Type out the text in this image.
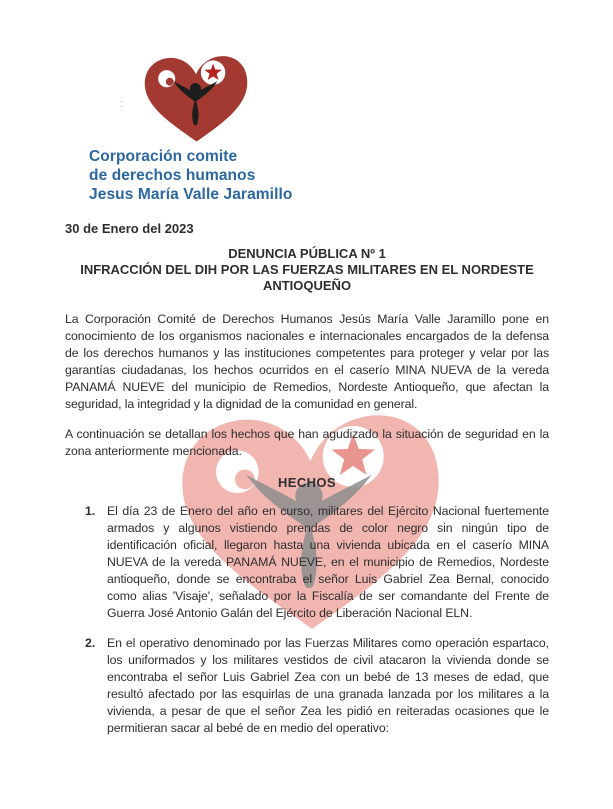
:
Corporación comite
de derechos humanos
Jesus María Valle Jaramillo
30 de Enero del 2023
DENUNCIA PÚBLICA Nº 1
INFRACCIÓN DEL DIH POR LAS FUERZAS MILITARES EN EL NORDESTE
ANTIOQUEÑO

La Corporación Comité de Derechos Humanos Jesús María Valle Jaramillo pone en conocimiento de los organismos nacionales e internacionales encargados de la defensa de los derechos humanos y las instituciones competentes para proteger y velar por las garantías ciudadanas, los hechos ocurridos en el caserío MINA NUEVA de la vereda PANAMÁ NUEVE del municipio de Remedios, Nordeste Antioqueño, que afectan la seguridad, la integridad y la dignidad de la comunidad en general.

A continuación se detallan los hechos que han agudizado la situación de seguridad en la zona anteriormente mencionada.

HECHOS
1. El día 23 de Enero del año en curso, militares del Ejército Nacional fuertemente armados y algunos vistiendo prendas de color negro sin ningún tipo de identificación oficial, llegaron hasta una vivienda ubicada en el caserío MINA NUEVA de la vereda PANAMÁ NUEVE, en el municipio de Remedios, Nordeste antioqueño, donde se encontraba el señor Luis Gabriel Zea Bernal, conocido como alias 'Visaje', señalado por la Fiscalía de ser comandante del Frente de Guerra José Antonio Galán del Ejército de Liberación Nacional ELN.
2. En el operativo denominado por las Fuerzas Militares como operación espartaco, los uniformados y los militares vestidos de civil atacaron la vivienda donde se encontraba el señor Luis Gabriel Zea con un bebé de 13 meses de edad, que resultó afectado por las esquirlas de una granada lanzada por los militares a la vivienda, a pesar de que el señor Zea les pidió en reiteradas ocasiones que le permitieran sacar al bebé de en medio del operativo:
